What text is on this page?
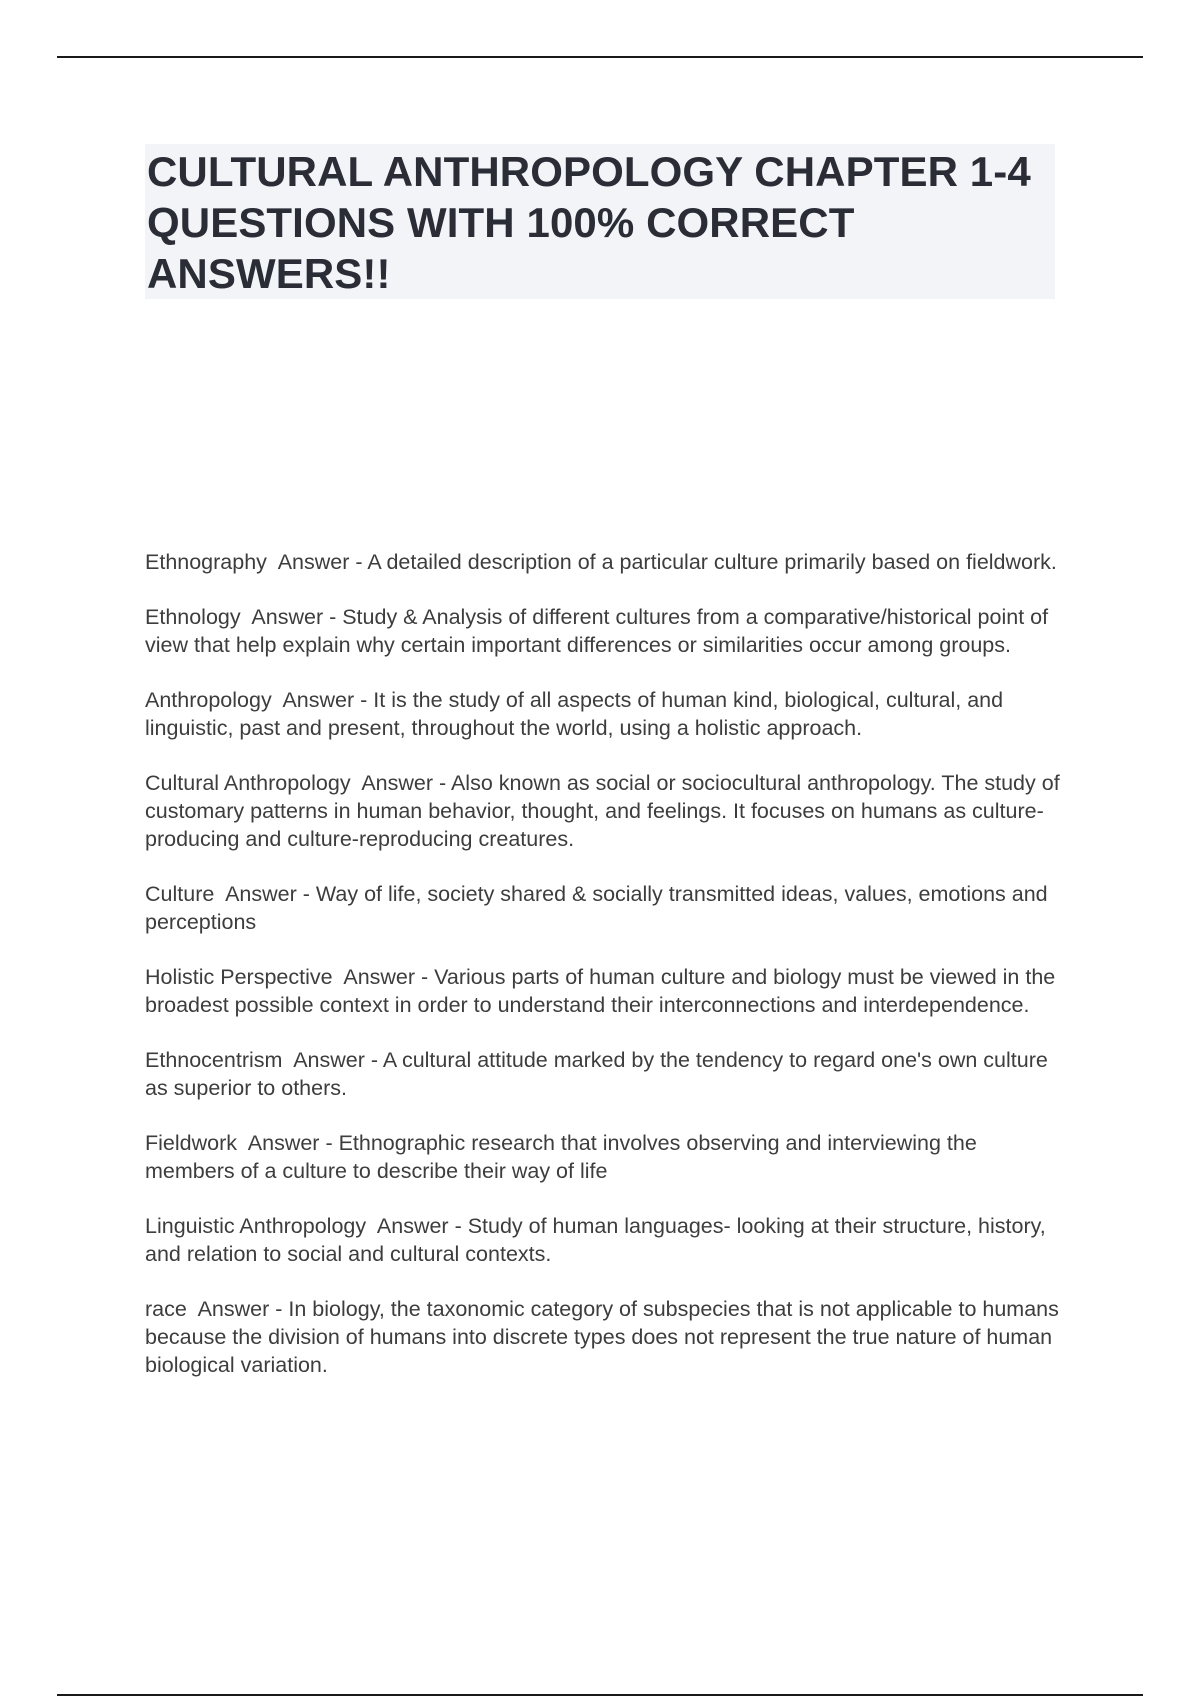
CULTURAL ANTHROPOLOGY CHAPTER 1-4 QUESTIONS WITH 100% CORRECT ANSWERS!!
Ethnography Answer - A detailed description of a particular culture primarily based on fieldwork.
Ethnology Answer - Study & Analysis of different cultures from a comparative/historical point of view that help explain why certain important differences or similarities occur among groups.
Anthropology Answer - It is the study of all aspects of human kind, biological, cultural, and linguistic, past and present, throughout the world, using a holistic approach.
Cultural Anthropology Answer - Also known as social or sociocultural anthropology. The study of customary patterns in human behavior, thought, and feelings. It focuses on humans as culture-producing and culture-reproducing creatures.
Culture Answer - Way of life, society shared & socially transmitted ideas, values, emotions and perceptions
Holistic Perspective Answer - Various parts of human culture and biology must be viewed in the broadest possible context in order to understand their interconnections and interdependence.
Ethnocentrism Answer - A cultural attitude marked by the tendency to regard one's own culture as superior to others.
Fieldwork Answer - Ethnographic research that involves observing and interviewing the members of a culture to describe their way of life
Linguistic Anthropology Answer - Study of human languages- looking at their structure, history, and relation to social and cultural contexts.
race Answer - In biology, the taxonomic category of subspecies that is not applicable to humans because the division of humans into discrete types does not represent the true nature of human biological variation.
